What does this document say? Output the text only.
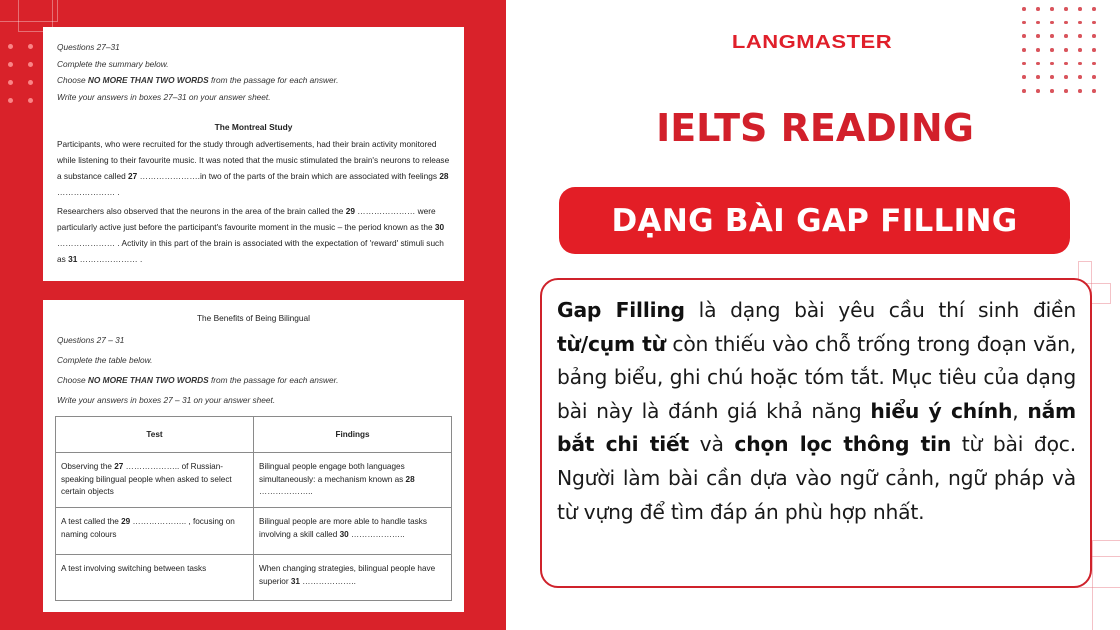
Questions 27–31
Complete the summary below.
Choose NO MORE THAN TWO WORDS from the passage for each answer.
Write your answers in boxes 27–31 on your answer sheet.
The Montreal Study

Participants, who were recruited for the study through advertisements, had their brain activity monitored while listening to their favourite music. It was noted that the music stimulated the brain's neurons to release a substance called 27 ………………….in two of the parts of the brain which are associated with feelings 28 ………………… .

Researchers also observed that the neurons in the area of the brain called the 29 ………………… were particularly active just before the participant's favourite moment in the music – the period known as the 30 ………………… . Activity in this part of the brain is associated with the expectation of 'reward' stimuli such as 31 ………………… .

The Benefits of Being Bilingual
Questions 27 – 31
Complete the table below.
Choose NO MORE THAN TWO WORDS from the passage for each answer.
Write your answers in boxes 27 – 31 on your answer sheet.
Test	Findings
Observing the 27 ……………….. of Russian-speaking bilingual people when asked to select certain objects	Bilingual people engage both languages simultaneously: a mechanism known as 28 ………………..
A test called the 29 ……………….. , focusing on naming colours	Bilingual people are more able to handle tasks involving a skill called 30 ………………..
A test involving switching between tasks	When changing strategies, bilingual people have superior 31 ………………..
LANGMASTER
IELTS READING
DẠNG BÀI GAP FILLING

Gap Filling là dạng bài yêu cầu thí sinh điền từ/cụm từ còn thiếu vào chỗ trống trong đoạn văn, bảng biểu, ghi chú hoặc tóm tắt. Mục tiêu của dạng bài này là đánh giá khả năng hiểu ý chính, nắm bắt chi tiết và chọn lọc thông tin từ bài đọc. Người làm bài cần dựa vào ngữ cảnh, ngữ pháp và từ vựng để tìm đáp án phù hợp nhất.
